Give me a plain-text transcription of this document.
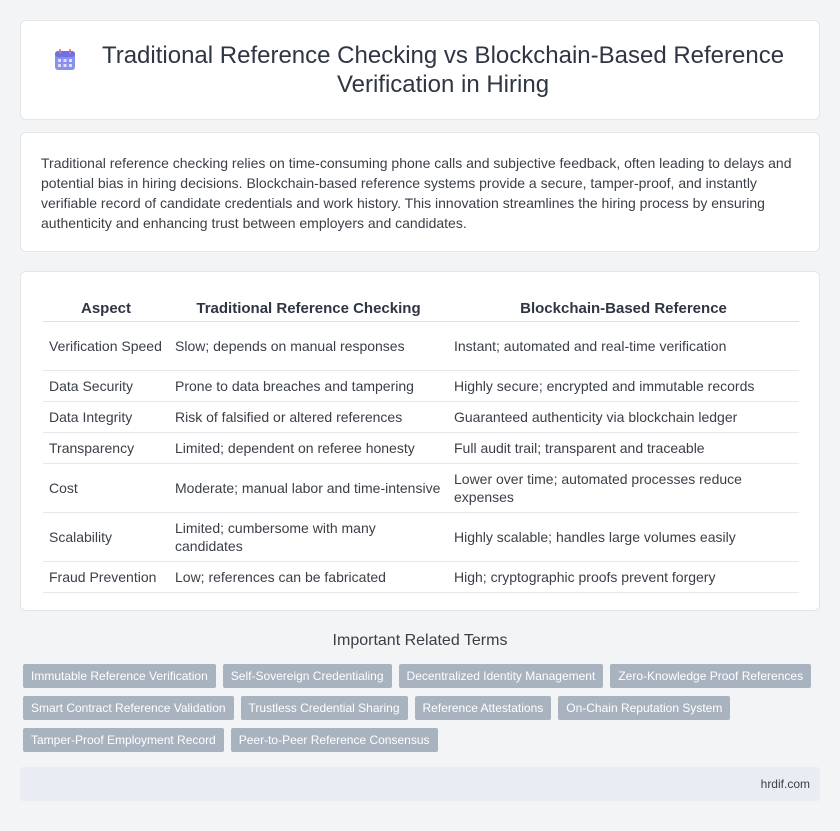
Traditional Reference Checking vs Blockchain-Based Reference Verification in Hiring

Traditional reference checking relies on time-consuming phone calls and subjective feedback, often leading to delays and potential bias in hiring decisions. Blockchain-based reference systems provide a secure, tamper-proof, and instantly verifiable record of candidate credentials and work history. This innovation streamlines the hiring process by ensuring authenticity and enhancing trust between employers and candidates.

Aspect	Traditional Reference Checking	Blockchain-Based Reference
Verification Speed	Slow; depends on manual responses	Instant; automated and real-time verification
Data Security	Prone to data breaches and tampering	Highly secure; encrypted and immutable records
Data Integrity	Risk of falsified or altered references	Guaranteed authenticity via blockchain ledger
Transparency	Limited; dependent on referee honesty	Full audit trail; transparent and traceable
Cost	Moderate; manual labor and time-intensive	Lower over time; automated processes reduce expenses
Scalability	Limited; cumbersome with many candidates	Highly scalable; handles large volumes easily
Fraud Prevention	Low; references can be fabricated	High; cryptographic proofs prevent forgery
Important Related Terms
Immutable Reference Verification	Self-Sovereign Credentialing	Decentralized Identity Management	Zero-Knowledge Proof References
Smart Contract Reference Validation	Trustless Credential Sharing	Reference Attestations	On-Chain Reputation System
Tamper-Proof Employment Record	Peer-to-Peer Reference Consensus
hrdif.com
